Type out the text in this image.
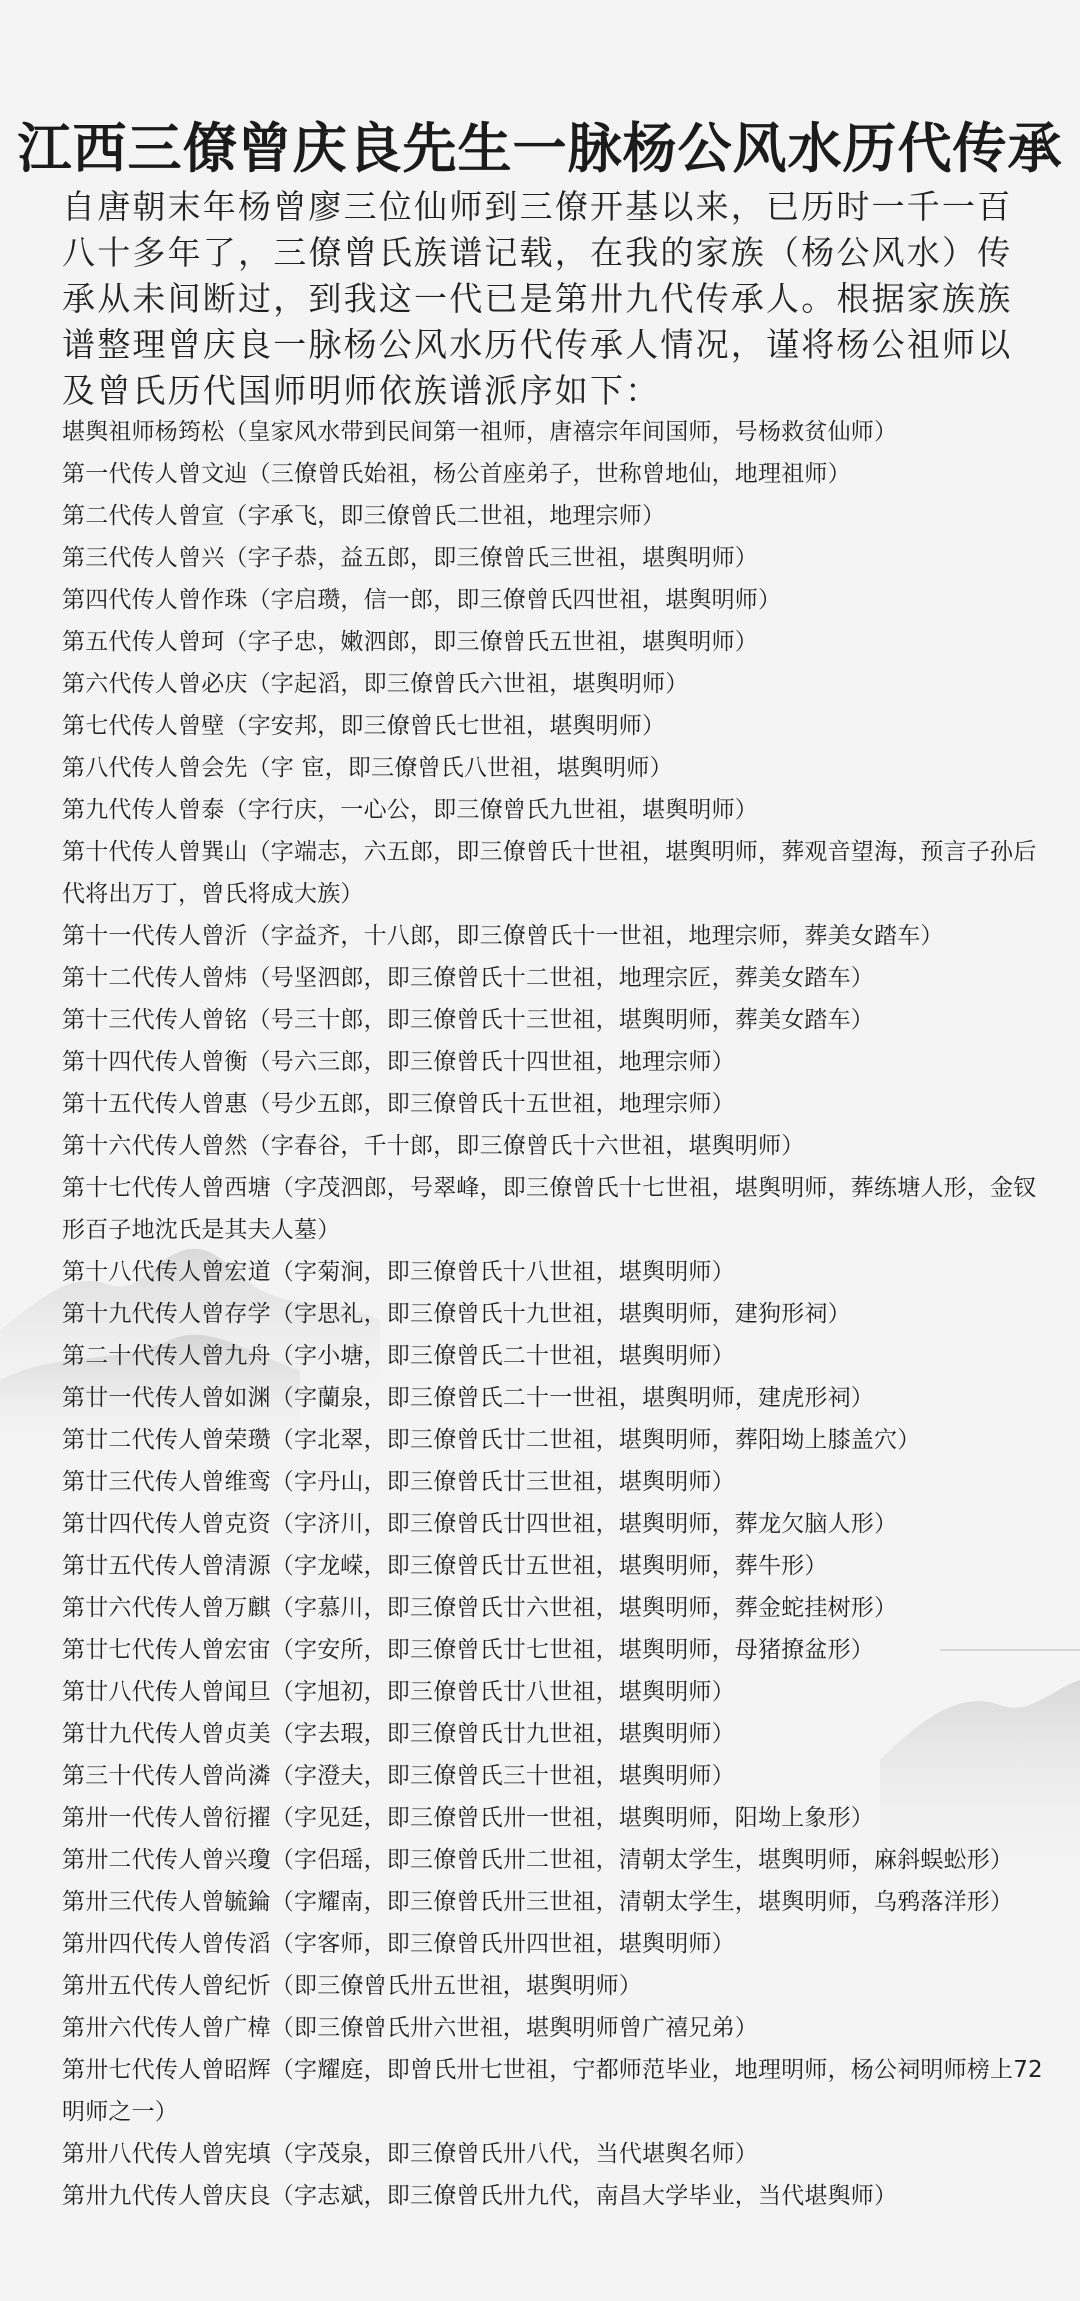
江西三僚曾庆良先生一脉杨公风水历代传承

自唐朝末年杨曾廖三位仙师到三僚开基以来，已历时一千一百八十多年了，三僚曾氏族谱记载，在我的家族（杨公风水）传承从未间断过，到我这一代已是第卅九代传承人。根据家族族谱整理曾庆良一脉杨公风水历代传承人情况，谨将杨公祖师以及曾氏历代国师明师依族谱派序如下：

堪舆祖师杨筠松（皇家风水带到民间第一祖师，唐禧宗年间国师，号杨救贫仙师）
第一代传人曾文辿（三僚曾氏始祖，杨公首座弟子，世称曾地仙，地理祖师）
第二代传人曾宣（字承飞，即三僚曾氏二世祖，地理宗师）
第三代传人曾兴（字子恭，益五郎，即三僚曾氏三世祖，堪舆明师）
第四代传人曾作珠（字启瓒，信一郎，即三僚曾氏四世祖，堪舆明师）
第五代传人曾珂（字子忠，嫩泗郎，即三僚曾氏五世祖，堪舆明师）
第六代传人曾必庆（字起滔，即三僚曾氏六世祖，堪舆明师）
第七代传人曾壁（字安邦，即三僚曾氏七世祖，堪舆明师）
第八代传人曾会先（字 宦，即三僚曾氏八世祖，堪舆明师）
第九代传人曾泰（字行庆，一心公，即三僚曾氏九世祖，堪舆明师）
第十代传人曾巽山（字端志，六五郎，即三僚曾氏十世祖，堪舆明师，葬观音望海，预言子孙后代将出万丁，曾氏将成大族）
第十一代传人曾沂（字益齐，十八郎，即三僚曾氏十一世祖，地理宗师，葬美女踏车）
第十二代传人曾炜（号坚泗郎，即三僚曾氏十二世祖，地理宗匠，葬美女踏车）
第十三代传人曾铭（号三十郎，即三僚曾氏十三世祖，堪舆明师，葬美女踏车）
第十四代传人曾衡（号六三郎，即三僚曾氏十四世祖，地理宗师）
第十五代传人曾惠（号少五郎，即三僚曾氏十五世祖，地理宗师）
第十六代传人曾然（字春谷，千十郎，即三僚曾氏十六世祖，堪舆明师）
第十七代传人曾西塘（字茂泗郎，号翠峰，即三僚曾氏十七世祖，堪舆明师，葬练塘人形，金钗形百子地沈氏是其夫人墓）
第十八代传人曾宏道（字菊涧，即三僚曾氏十八世祖，堪舆明师）
第十九代传人曾存学（字思礼，即三僚曾氏十九世祖，堪舆明师，建狗形祠）
第二十代传人曾九舟（字小塘，即三僚曾氏二十世祖，堪舆明师）
第廿一代传人曾如渊（字蘭泉，即三僚曾氏二十一世祖，堪舆明师，建虎形祠）
第廿二代传人曾荣瓒（字北翠，即三僚曾氏廿二世祖，堪舆明师，葬阳坳上膝盖穴）
第廿三代传人曾维鸾（字丹山，即三僚曾氏廿三世祖，堪舆明师）
第廿四代传人曾克资（字济川，即三僚曾氏廿四世祖，堪舆明师，葬龙欠脑人形）
第廿五代传人曾清源（字龙嵘，即三僚曾氏廿五世祖，堪舆明师，葬牛形）
第廿六代传人曾万麒（字慕川，即三僚曾氏廿六世祖，堪舆明师，葬金蛇挂树形）
第廿七代传人曾宏宙（字安所，即三僚曾氏廿七世祖，堪舆明师，母猪撩盆形）
第廿八代传人曾闻旦（字旭初，即三僚曾氏廿八世祖，堪舆明师）
第廿九代传人曾贞美（字去瑕，即三僚曾氏廿九世祖，堪舆明师）
第三十代传人曾尚潾（字澄夫，即三僚曾氏三十世祖，堪舆明师）
第卅一代传人曾衍擢（字见廷，即三僚曾氏卅一世祖，堪舆明师，阳坳上象形）
第卅二代传人曾兴瓊（字侣瑶，即三僚曾氏卅二世祖，清朝太学生，堪舆明师，麻斜蜈蚣形）
第卅三代传人曾毓錀（字耀南，即三僚曾氏卅三世祖，清朝太学生，堪舆明师，乌鸦落洋形）
第卅四代传人曾传滔（字客师，即三僚曾氏卅四世祖，堪舆明师）
第卅五代传人曾纪忻（即三僚曾氏卅五世祖，堪舆明师）
第卅六代传人曾广椲（即三僚曾氏卅六世祖，堪舆明师曾广禧兄弟）
第卅七代传人曾昭辉（字耀庭，即曾氏卅七世祖，宁都师范毕业，地理明师，杨公祠明师榜上72明师之一）
第卅八代传人曾宪填（字茂泉，即三僚曾氏卅八代，当代堪舆名师）
第卅九代传人曾庆良（字志斌，即三僚曾氏卅九代，南昌大学毕业，当代堪舆师）
